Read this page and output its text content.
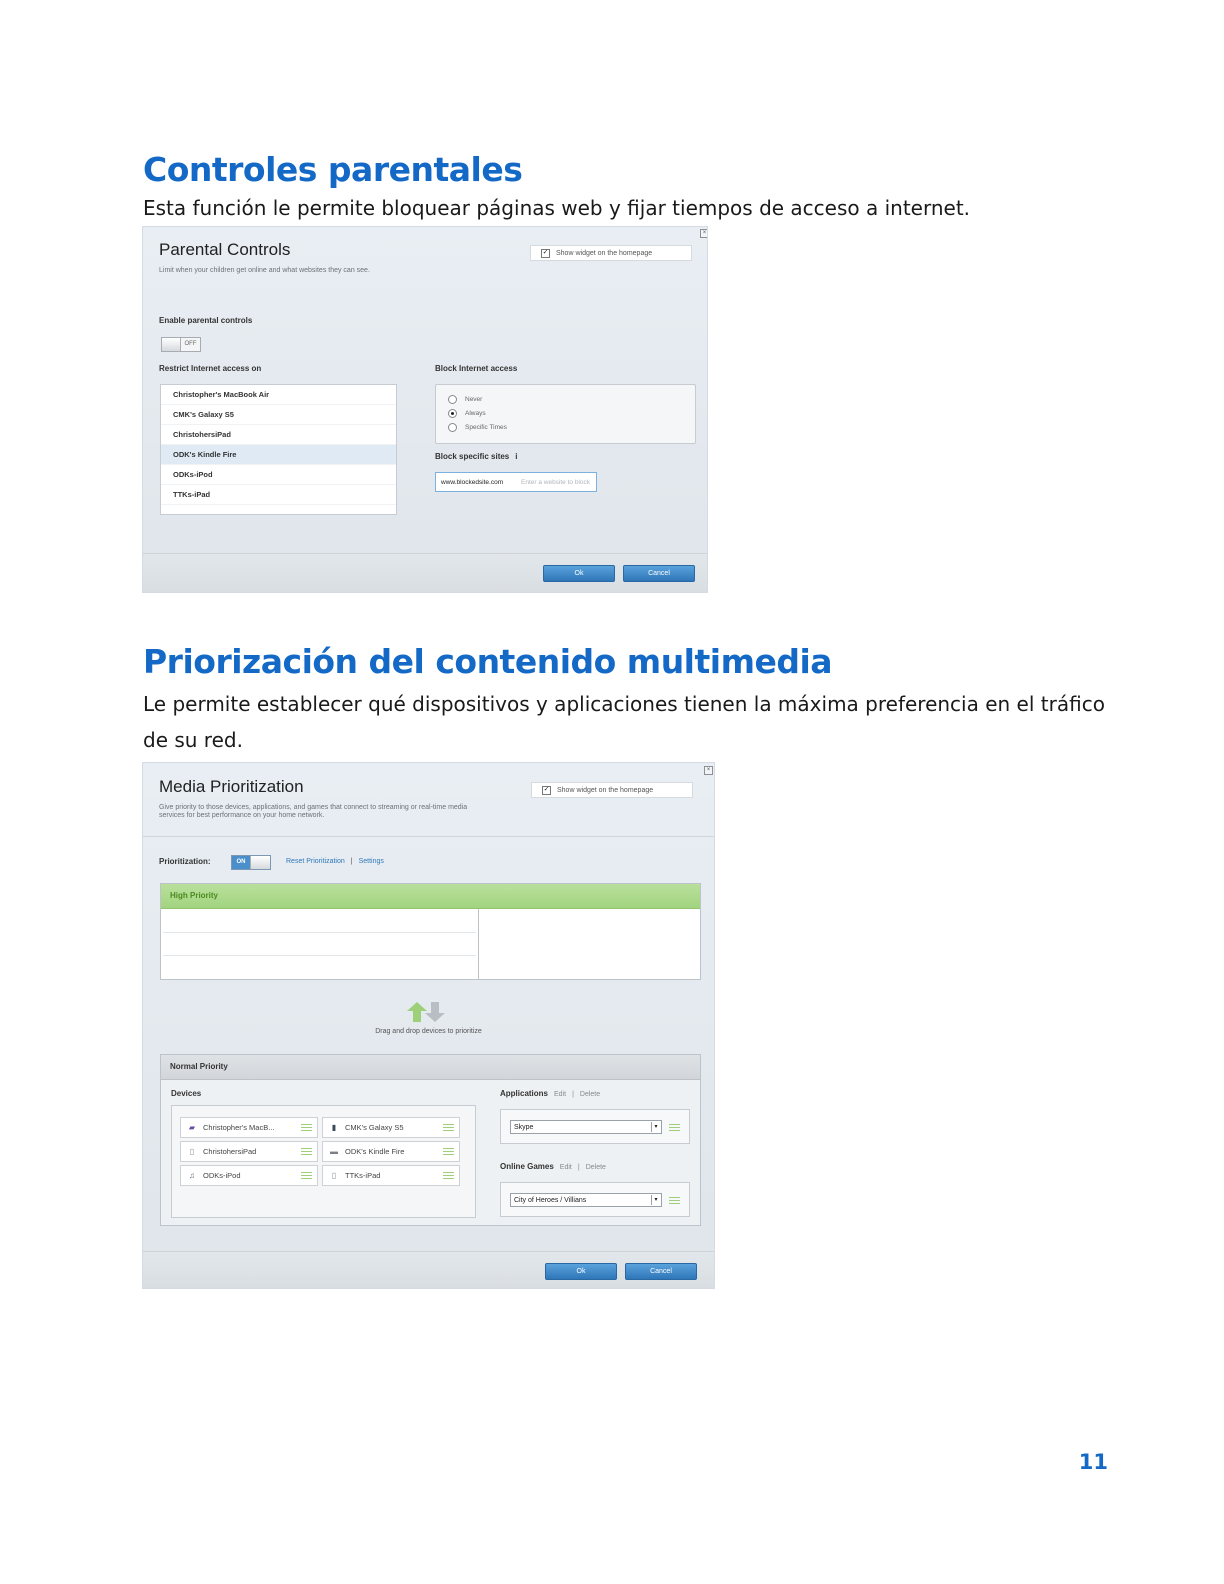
Controles parentales

Esta función le permite bloquear páginas web y fijar tiempos de acceso a internet.

×
Parental Controls
Limit when your children get online and what websites they can see.
✓ Show widget on the homepage
Enable parental controls
OFF
Restrict Internet access on
Christopher's MacBook Air
CMK's Galaxy S5
ChristohersiPad
ODK's Kindle Fire
ODKs-iPod
TTKs-iPad
Block Internet access
Never
Always
Specific Times
Block specific sites i
www.blockedsite.com	Enter a website to block
Ok	Cancel
Priorización del contenido multimedia

Le permite establecer qué dispositivos y aplicaciones tienen la máxima preferencia en el tráfico de su red.

×
Media Prioritization
Give priority to those devices, applications, and games that connect to streaming or real-time media
services for best performance on your home network.
✓ Show widget on the homepage
Prioritization:	ON	Reset Prioritization | Settings
High Priority
Drag and drop devices to prioritize
Normal Priority
Devices
▰ Christopher's MacB...	▮ CMK's Galaxy S5
▯ ChristohersiPad	▬ ODK's Kindle Fire
♫ ODKs-iPod	▯ TTKs-iPad
Applications Edit | Delete
Skype	▾
Online Games Edit | Delete
City of Heroes / Villians	▾
Ok	Cancel
11
